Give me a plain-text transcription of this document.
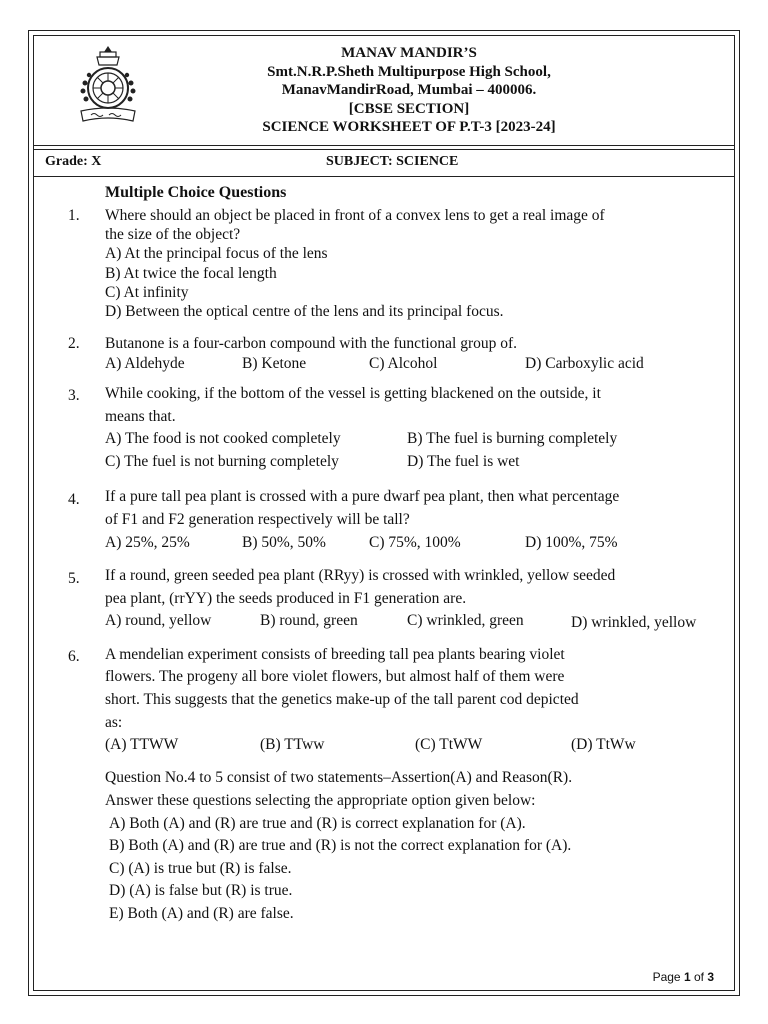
MANAV MANDIR’S
Smt.N.R.P.Sheth Multipurpose High School,
ManavMandirRoad, Mumbai – 400006.
[CBSE SECTION]
SCIENCE WORKSHEET OF P.T-3 [2023-24]
Grade: X	SUBJECT: SCIENCE
Multiple Choice Questions
1. Where should an object be placed in front of a convex lens to get a real image of
the size of the object?
A) At the principal focus of the lens
B) At twice the focal length
C) At infinity
D) Between the optical centre of the lens and its principal focus.
2. Butanone is a four-carbon compound with the functional group of.
A) Aldehyde	B) Ketone	C) Alcohol	D) Carboxylic acid
3. While cooking, if the bottom of the vessel is getting blackened on the outside, it
means that.
A) The food is not cooked completely	B) The fuel is burning completely
C) The fuel is not burning completely	D) The fuel is wet
4. If a pure tall pea plant is crossed with a pure dwarf pea plant, then what percentage
of F1 and F2 generation respectively will be tall?
A) 25%, 25%	B) 50%, 50%	C) 75%, 100%	D) 100%, 75%
5. If a round, green seeded pea plant (RRyy) is crossed with wrinkled, yellow seeded
pea plant, (rrYY) the seeds produced in F1 generation are.
A) round, yellow	B) round, green	C) wrinkled, green	D) wrinkled, yellow
6. A mendelian experiment consists of breeding tall pea plants bearing violet
flowers. The progeny all bore violet flowers, but almost half of them were
short. This suggests that the genetics make-up of the tall parent cod depicted
as:
(A) TTWW	(B) TTww	(C) TtWW	(D) TtWw
Question No.4 to 5 consist of two statements–Assertion(A) and Reason(R).
Answer these questions selecting the appropriate option given below:
A) Both (A) and (R) are true and (R) is correct explanation for (A).
B) Both (A) and (R) are true and (R) is not the correct explanation for (A).
C) (A) is true but (R) is false.
D) (A) is false but (R) is true.
E) Both (A) and (R) are false.
Page 1 of 3
